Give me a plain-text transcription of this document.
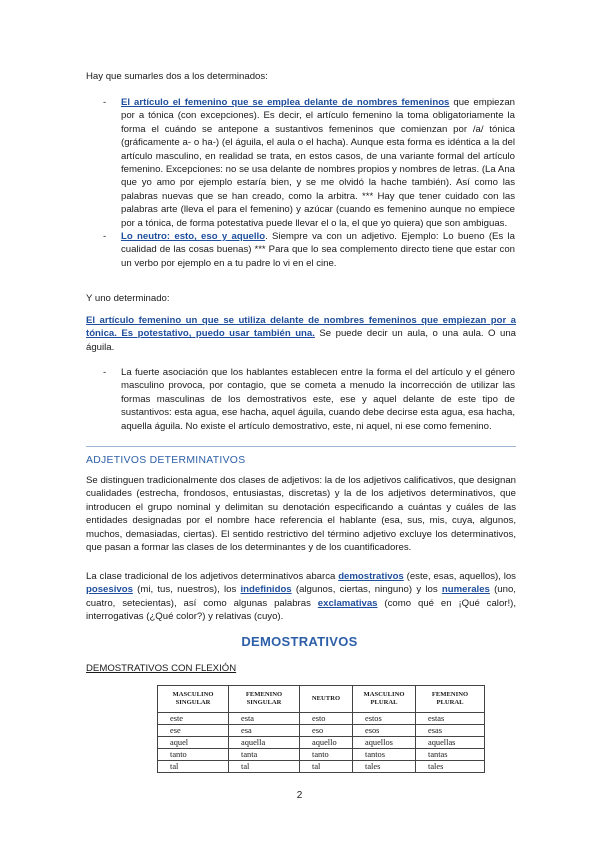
Hay que sumarles dos a los determinados:

- El artículo el femenino que se emplea delante de nombres femeninos que empiezan por a tónica (con excepciones). Es decir, el artículo femenino la toma obligatoriamente la forma el cuándo se antepone a sustantivos femeninos que comienzan por /a/ tónica (gráficamente a- o ha-) (el águila, el aula o el hacha). Aunque esta forma es idéntica a la del artículo masculino, en realidad se trata, en estos casos, de una variante formal del artículo femenino. Excepciones: no se usa delante de nombres propios y nombres de letras. (La Ana que yo amo por ejemplo estaría bien, y se me olvidó la hache también). Así como las palabras nuevas que se han creado, como la arbitra. *** Hay que tener cuidado con las palabras arte (lleva el para el femenino) y azúcar (cuando es femenino aunque no empiece por a tónica, de forma potestativa puede llevar el o la, el que yo quiera) que son ambiguas.
- Lo neutro: esto, eso y aquello. Siempre va con un adjetivo. Ejemplo: Lo bueno (Es la cualidad de las cosas buenas) *** Para que lo sea complemento directo tiene que estar con un verbo por ejemplo en a tu padre lo vi en el cine.

Y uno determinado:

El artículo femenino un que se utiliza delante de nombres femeninos que empiezan por a tónica. Es potestativo, puedo usar también una. Se puede decir un aula, o una aula. O una águila.

- La fuerte asociación que los hablantes establecen entre la forma el del artículo y el género masculino provoca, por contagio, que se cometa a menudo la incorrección de utilizar las formas masculinas de los demostrativos este, ese y aquel delante de este tipo de sustantivos: esta agua, ese hacha, aquel águila, cuando debe decirse esta agua, esa hacha, aquella águila. No existe el artículo demostrativo, este, ni aquel, ni ese como femenino.
ADJETIVOS DETERMINATIVOS

Se distinguen tradicionalmente dos clases de adjetivos: la de los adjetivos calificativos, que designan cualidades (estrecha, frondosos, entusiastas, discretas) y la de los adjetivos determinativos, que introducen el grupo nominal y delimitan su denotación especificando a cuántas y cuáles de las entidades designadas por el nombre hace referencia el hablante (esa, sus, mis, cuya, algunos, muchos, demasiadas, ciertas). El sentido restrictivo del término adjetivo excluye los determinativos, que pasan a formar las clases de los determinantes y de los cuantificadores.

La clase tradicional de los adjetivos determinativos abarca demostrativos (este, esas, aquellos), los posesivos (mi, tus, nuestros), los indefinidos (algunos, ciertas, ninguno) y los numerales (uno, cuatro, setecientas), así como algunas palabras exclamativas (como qué en ¡Qué calor!), interrogativas (¿Qué color?) y relativas (cuyo).

DEMOSTRATIVOS
DEMOSTRATIVOS CON FLEXIÓN
MASCULINO SINGULAR	FEMENINO SINGULAR	NEUTRO	MASCULINO PLURAL	FEMENINO PLURAL
este	esta	esto	estos	estas
ese	esa	eso	esos	esas
aquel	aquella	aquello	aquellos	aquellas
tanto	tanta	tanto	tantos	tantas
tal	tal	tal	tales	tales
2
